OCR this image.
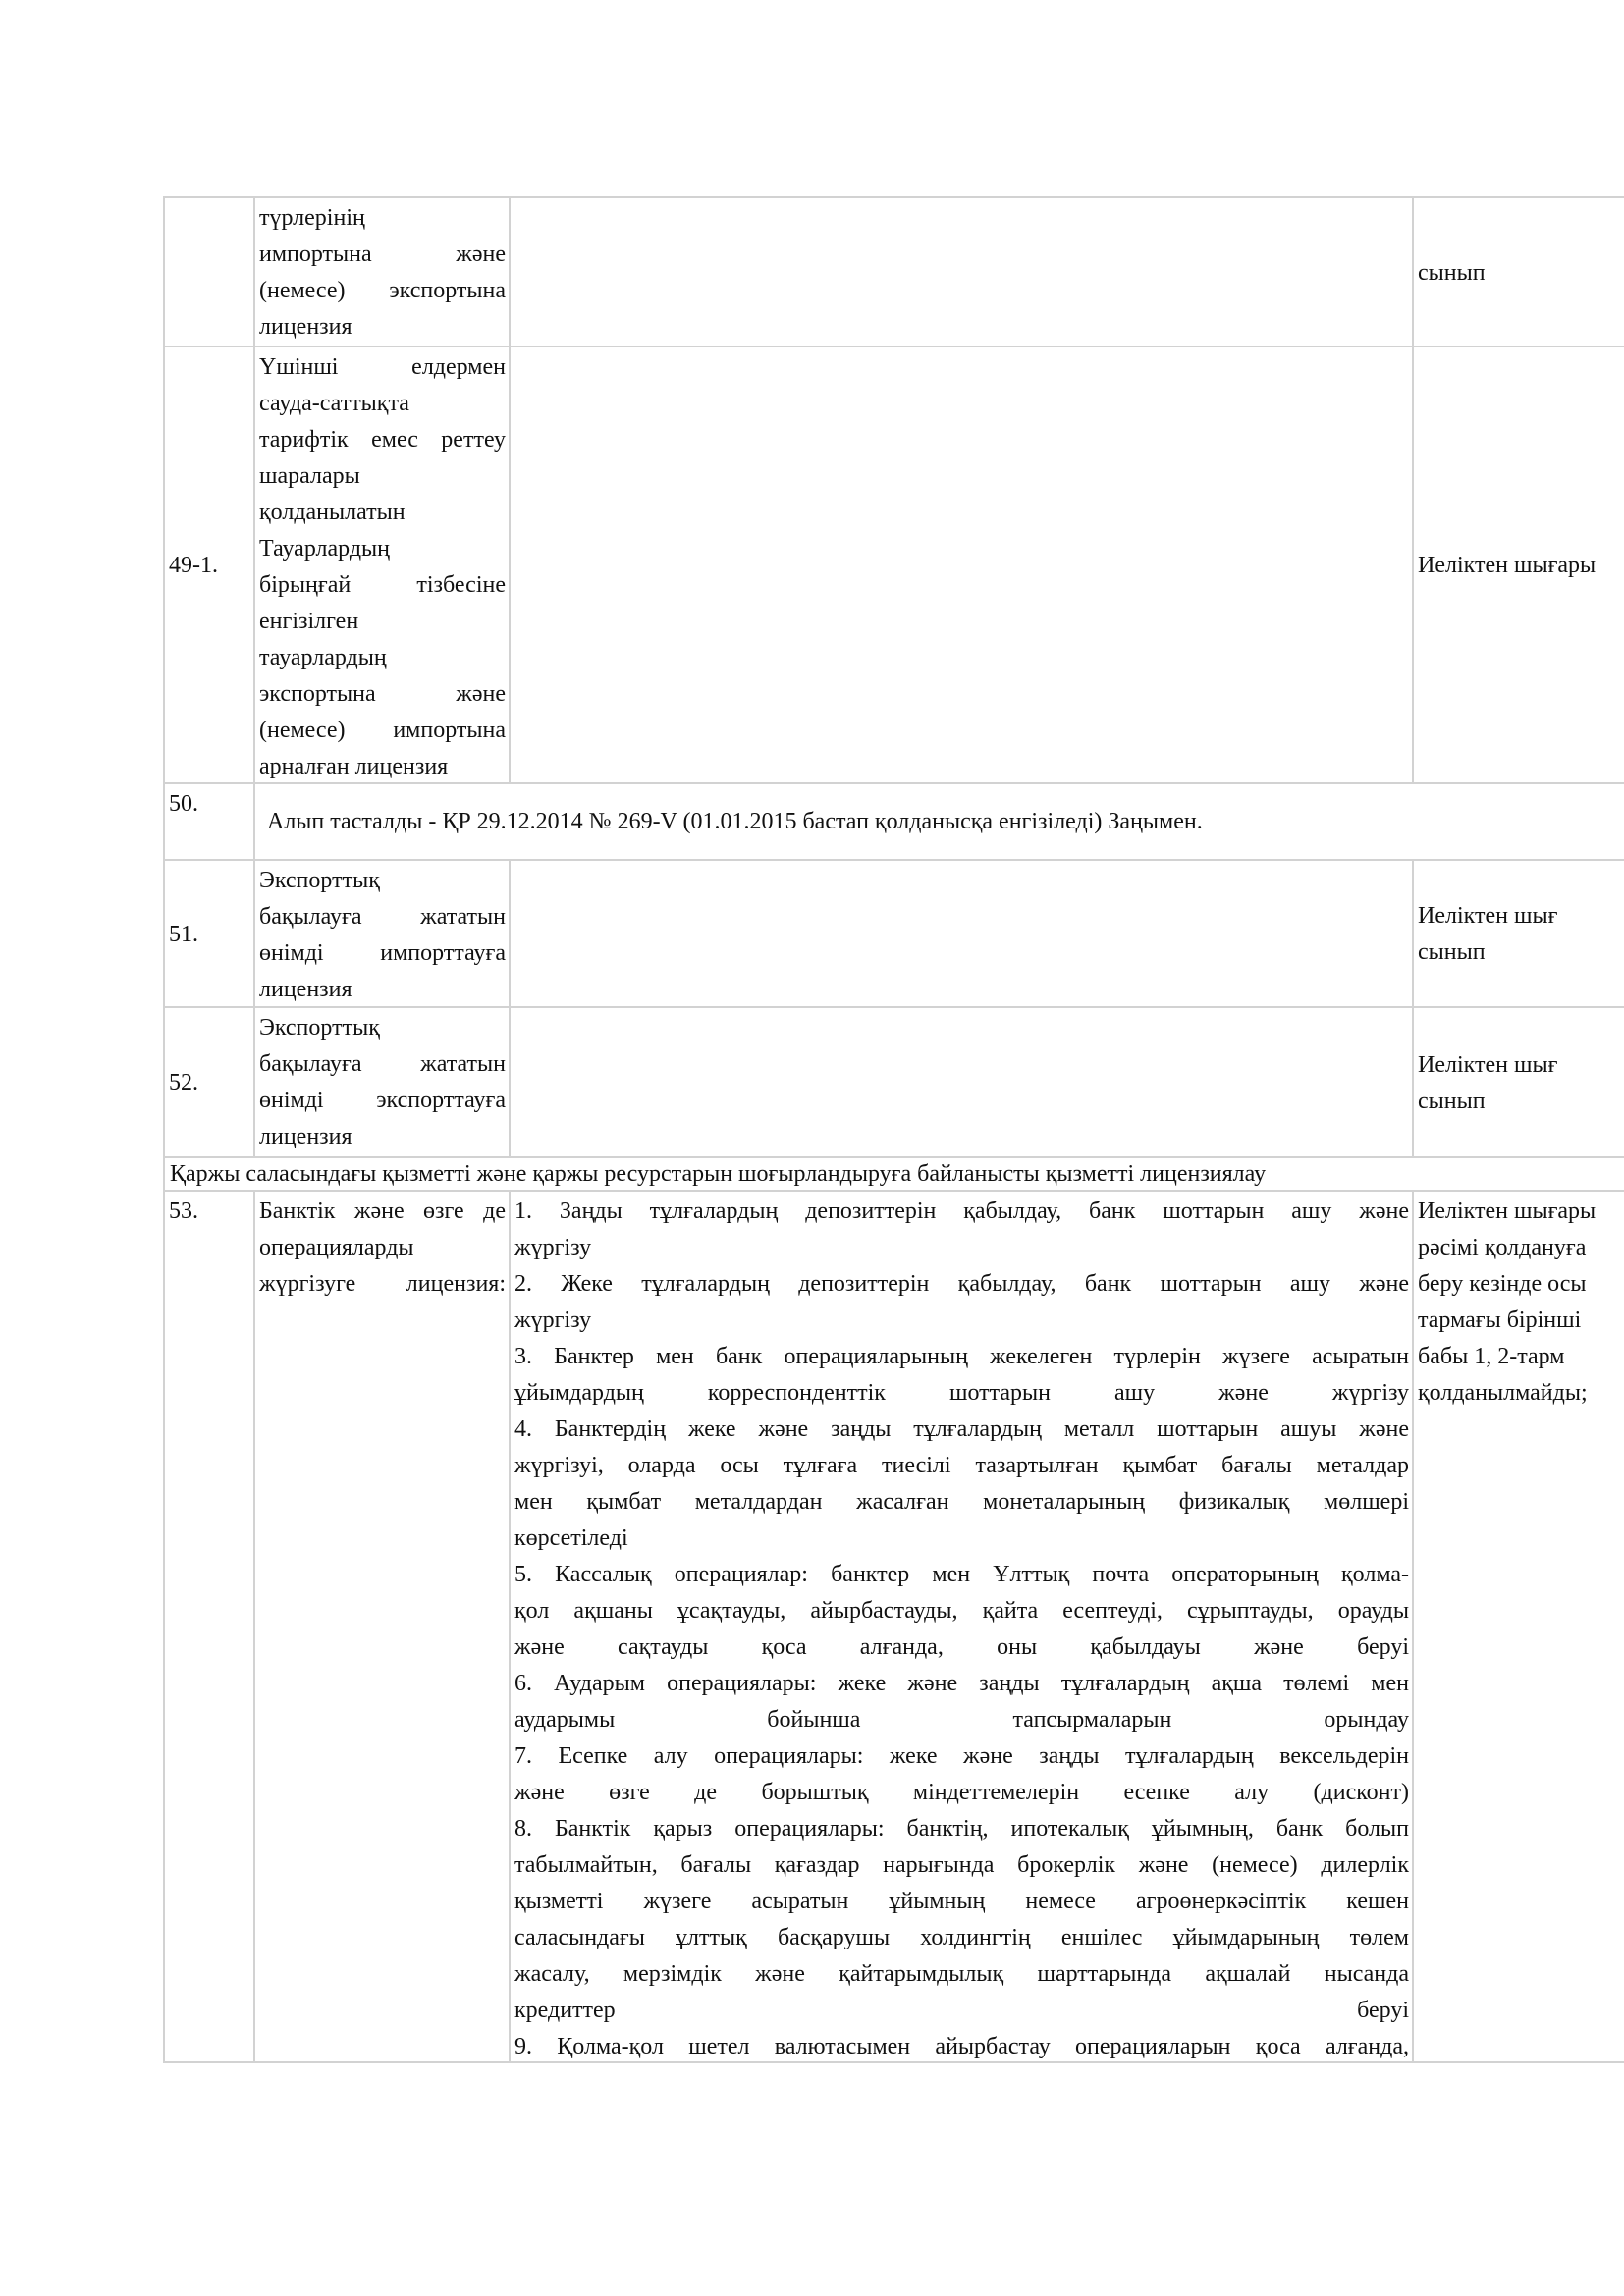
түрлерінің
импортына және
(немесе) экспортына
лицензия
сынып
49-1.
Үшінші елдермен
сауда-саттықта
тарифтік емес реттеу
шаралары
қолданылатын
Тауарлардың
бірыңғай тізбесіне
енгізілген
тауарлардың
экспортына және
(немесе) импортына
арналған лицензия
Иеліктен шығары
50.
Алып тасталды - ҚР 29.12.2014 № 269-V (01.01.2015 бастап қолданысқа енгізіледі) Заңымен.
51.
Экспорттық
бақылауға жататын
өнімді импорттауға
лицензия
Иеліктен шығ
сынып
52.
Экспорттық
бақылауға жататын
өнімді экспорттауға
лицензия
Иеліктен шығ
сынып
Қаржы саласындағы қызметті және қаржы ресурстарын шоғырландыруға байланысты қызметті лицензиялау
53.	Банктік және өзге де
операцияларды
жүргізуге лицензия:
1. Заңды тұлғалардың депозиттерін қабылдау, банк шоттарын ашу және
жүргізу
2. Жеке тұлғалардың депозиттерін қабылдау, банк шоттарын ашу және
жүргізу
3. Банктер мен банк операцияларының жекелеген түрлерін жүзеге асыратын
ұйымдардың корреспонденттік шоттарын ашу және жүргізу
4. Банктердің жеке және заңды тұлғалардың металл шоттарын ашуы және
жүргізуі, оларда осы тұлғаға тиесілі тазартылған қымбат бағалы металдар
мен қымбат металдардан жасалған монеталарының физикалық мөлшері
көрсетіледі
5. Кассалық операциялар: банктер мен Ұлттық почта операторының қолма-
қол ақшаны ұсақтауды, айырбастауды, қайта есептеуді, сұрыптауды, орауды
және сақтауды қоса алғанда, оны қабылдауы және беруі
6. Аударым операциялары: жеке және заңды тұлғалардың ақша төлемі мен
аударымы бойынша тапсырмаларын орындау
7. Есепке алу операциялары: жеке және заңды тұлғалардың вексельдерін
және өзге де борыштық міндеттемелерін есепке алу (дисконт)
8. Банктік қарыз операциялары: банктің, ипотекалық ұйымның, банк болып
табылмайтын, бағалы қағаздар нарығында брокерлік және (немесе) дилерлік
қызметті жүзеге асыратын ұйымның немесе агроөнеркәсіптік кешен
саласындағы ұлттық басқарушы холдингтің еншілес ұйымдарының төлем
жасалу, мерзімдік және қайтарымдылық шарттарында ақшалай нысанда
кредиттер беруі
9. Қолма-қол шетел валютасымен айырбастау операцияларын қоса алғанда,
Иеліктен шығары
рәсімі қолдануға
беру кезінде осы
тармағы бірінші
бабы 1, 2-тарм
қолданылмайды;
